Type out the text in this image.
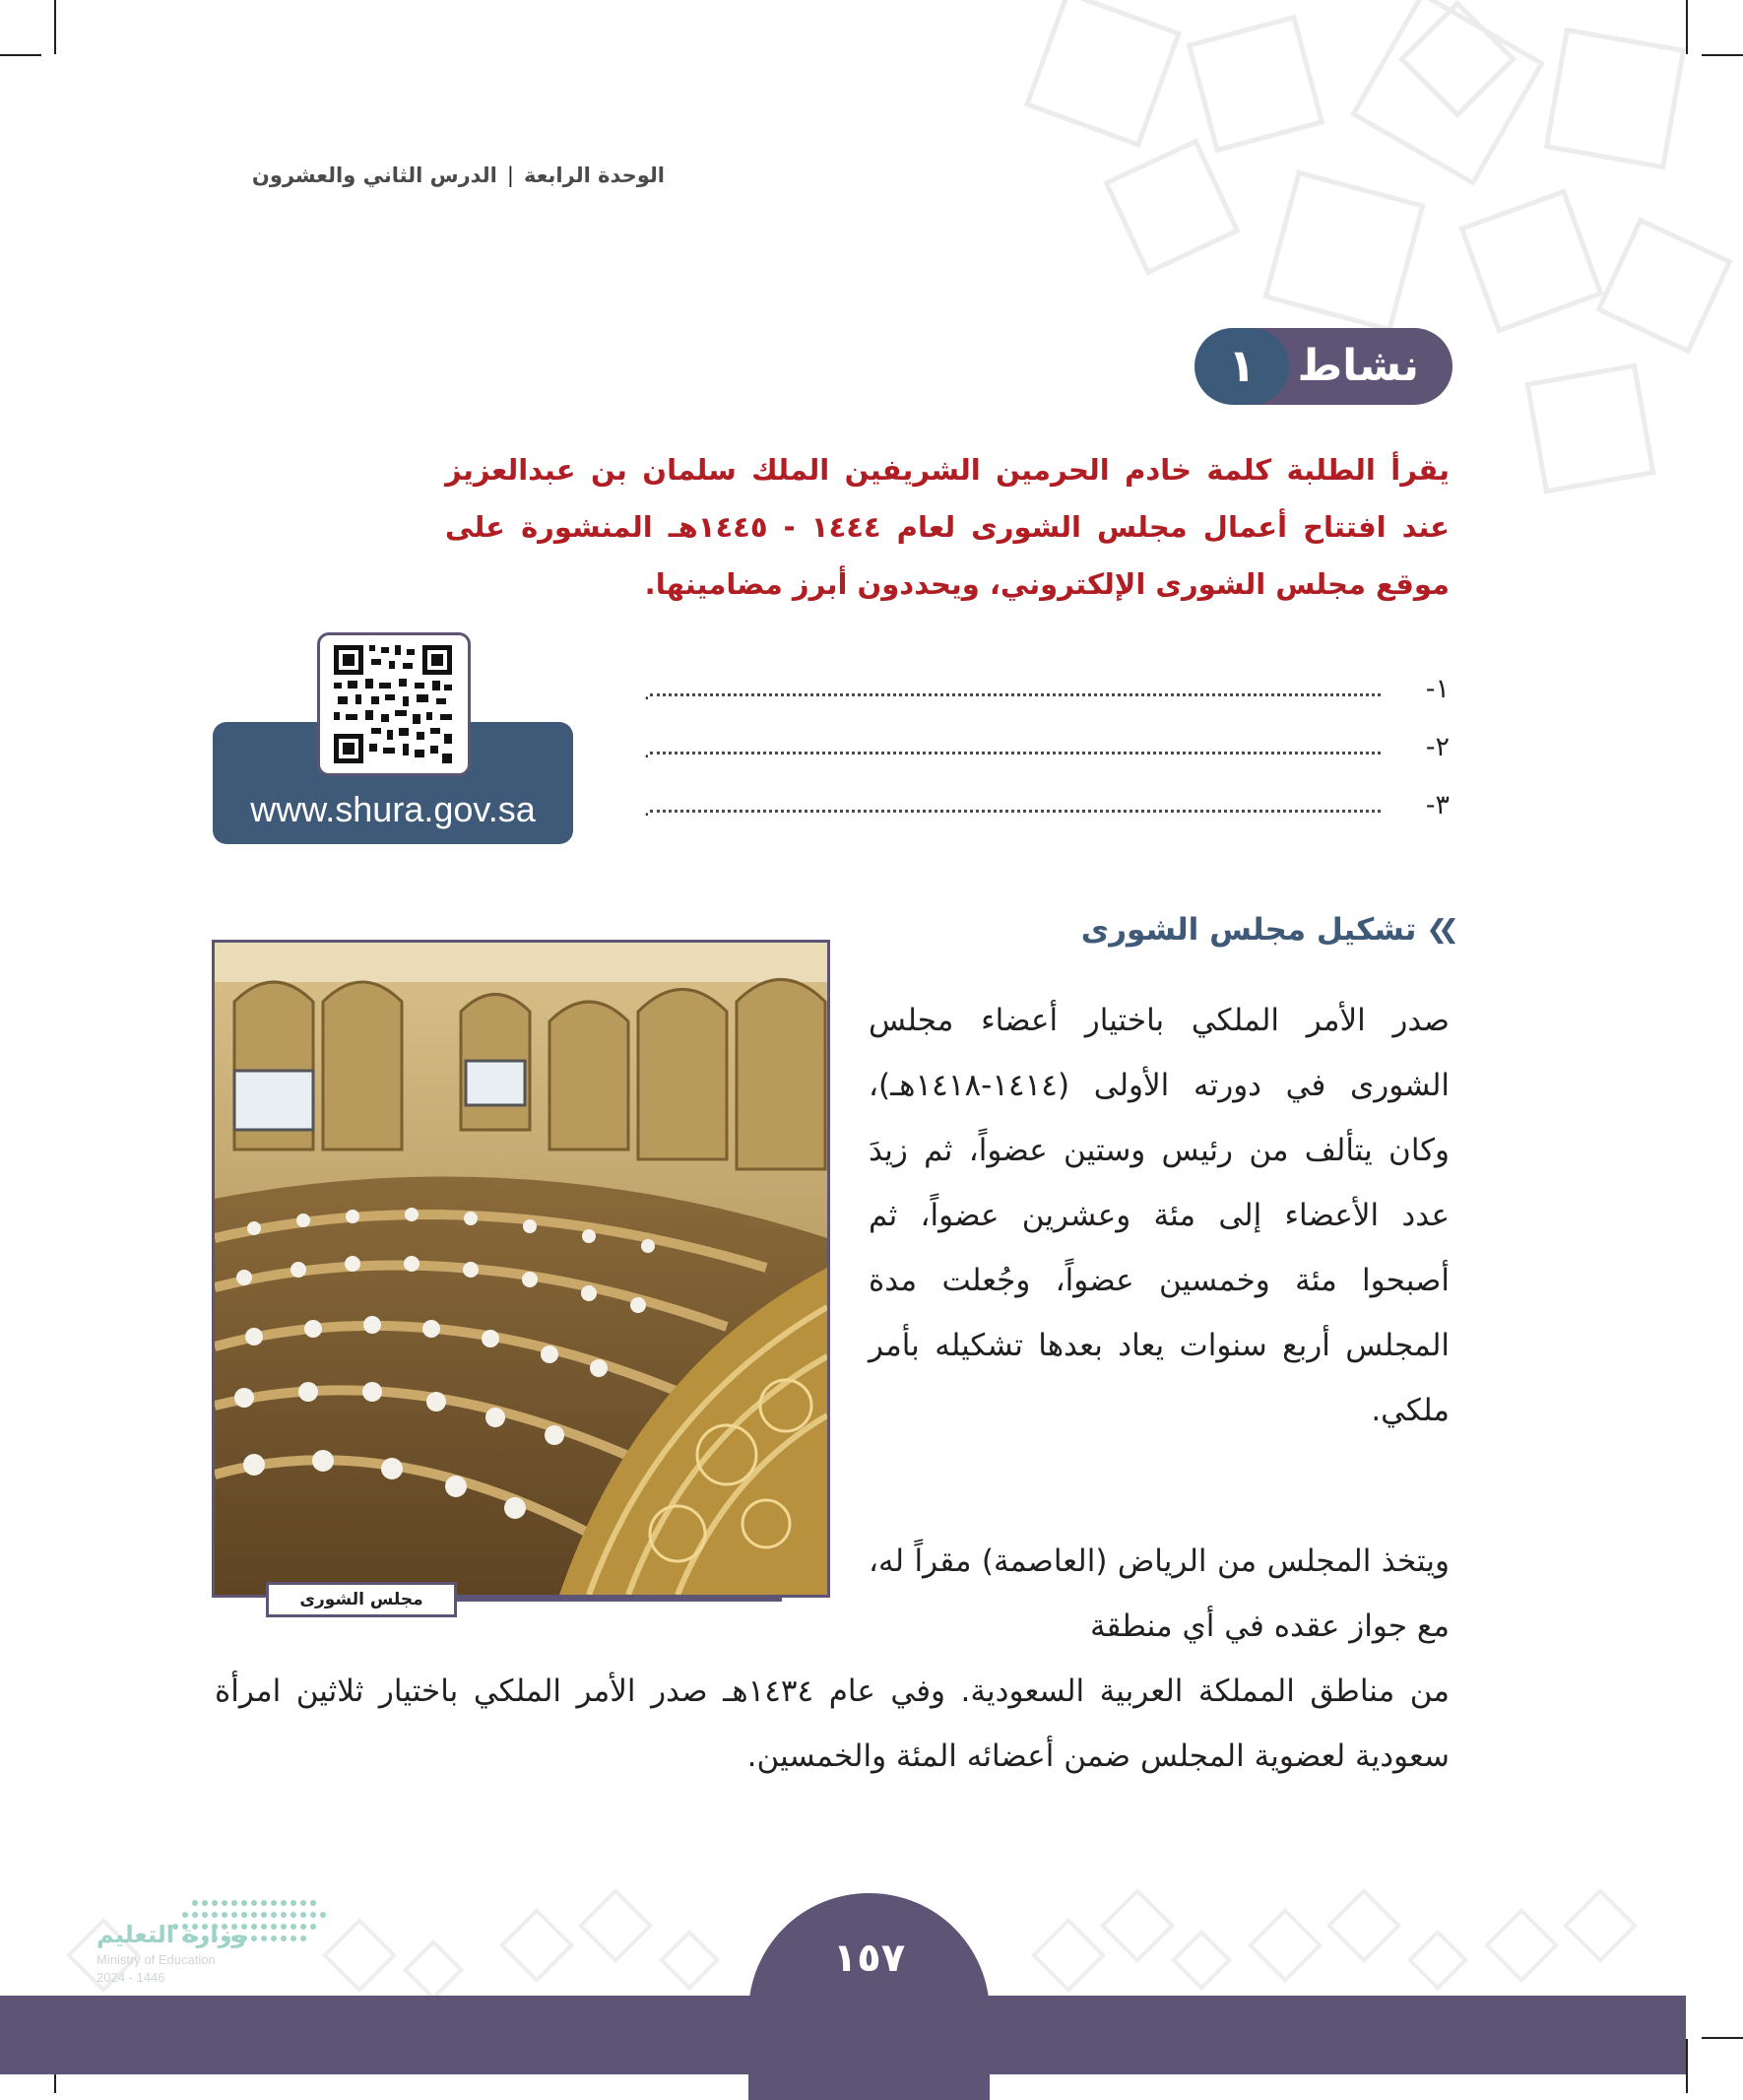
الوحدة الرابعة
|
الدرس الثاني والعشرون
نشاط
١

يقرأ الطلبة كلمة خادم الحرمين الشريفين الملك سلمان بن عبدالعزيز عند افتتاح أعمال مجلس الشورى لعام ١٤٤٤ - ١٤٤٥هـ المنشورة على موقع مجلس الشورى الإلكتروني، ويحددون أبرز مضامينها.

١-
.
٢-
.
٣-
.
www.shura.gov.sa
❯❯
تشكيل مجلس الشورى

صدر الأمر الملكي باختيار أعضاء مجلس الشورى في دورته الأولى (١٤١٤-١٤١٨هـ)، وكان يتألف من رئيس وستين عضواً، ثم زيدَ عدد الأعضاء إلى مئة وعشرين عضواً، ثم أصبحوا مئة وخمسين عضواً، وجُعلت مدة المجلس أربع سنوات يعاد بعدها تشكيله بأمر ملكي.

ويتخذ المجلس من الرياض (العاصمة) مقراً له، مع جواز عقده في أي منطقة

من مناطق المملكة العربية السعودية. وفي عام ١٤٣٤هـ صدر الأمر الملكي باختيار ثلاثين امرأة سعودية لعضوية المجلس ضمن أعضائه المئة والخمسين.

مجلس الشورى
١٥٧
وزارة التعليم
Ministry of Education
2024 - 1446
